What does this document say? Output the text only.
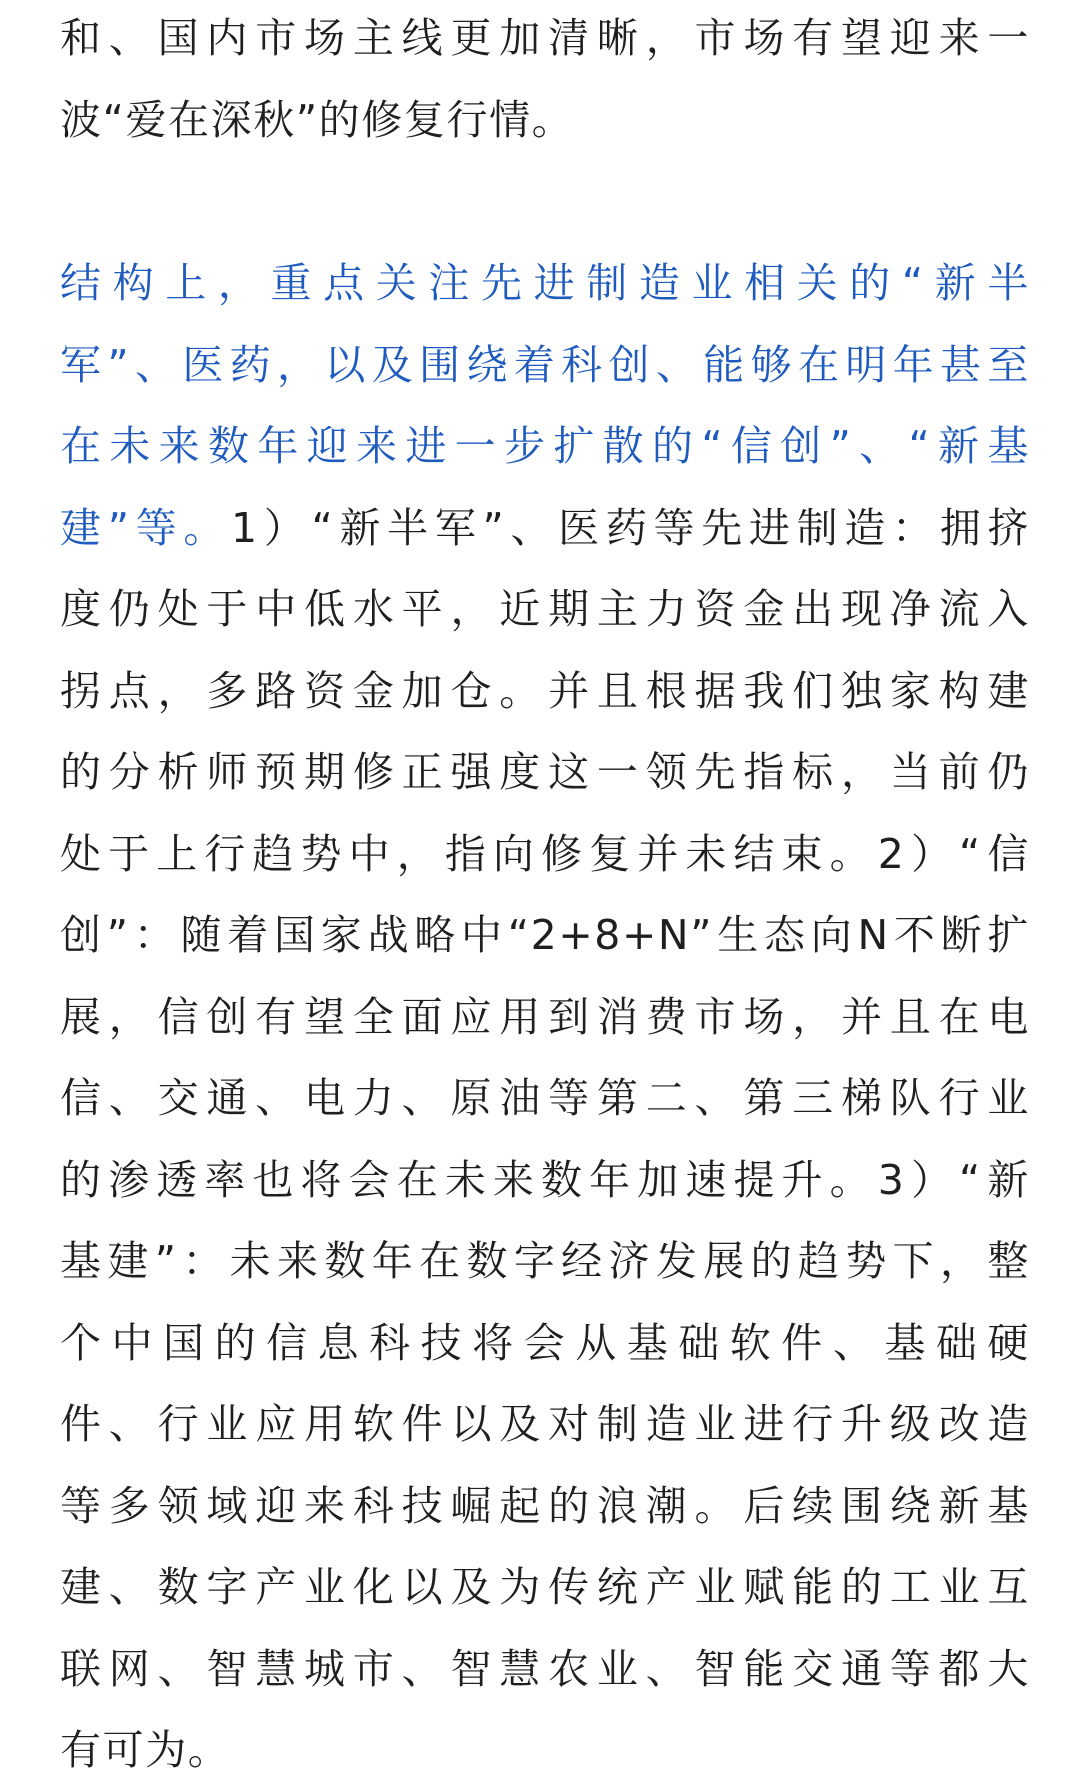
和、国内市场主线更加清晰，市场有望迎来一
波“爱在深秋”的修复行情。
结构上，重点关注先进制造业相关的“新半
军”、医药，以及围绕着科创、能够在明年甚至
在未来数年迎来进一步扩散的“信创”、“新基
建”等。1）“新半军”、医药等先进制造：拥挤
度仍处于中低水平，近期主力资金出现净流入
拐点，多路资金加仓。并且根据我们独家构建
的分析师预期修正强度这一领先指标，当前仍
处于上行趋势中，指向修复并未结束。2）“信
创”：随着国家战略中“2+8+N”生态向N不断扩
展，信创有望全面应用到消费市场，并且在电
信、交通、电力、原油等第二、第三梯队行业
的渗透率也将会在未来数年加速提升。3）“新
基建”：未来数年在数字经济发展的趋势下，整
个中国的信息科技将会从基础软件、基础硬
件、行业应用软件以及对制造业进行升级改造
等多领域迎来科技崛起的浪潮。后续围绕新基
建、数字产业化以及为传统产业赋能的工业互
联网、智慧城市、智慧农业、智能交通等都大
有可为。
